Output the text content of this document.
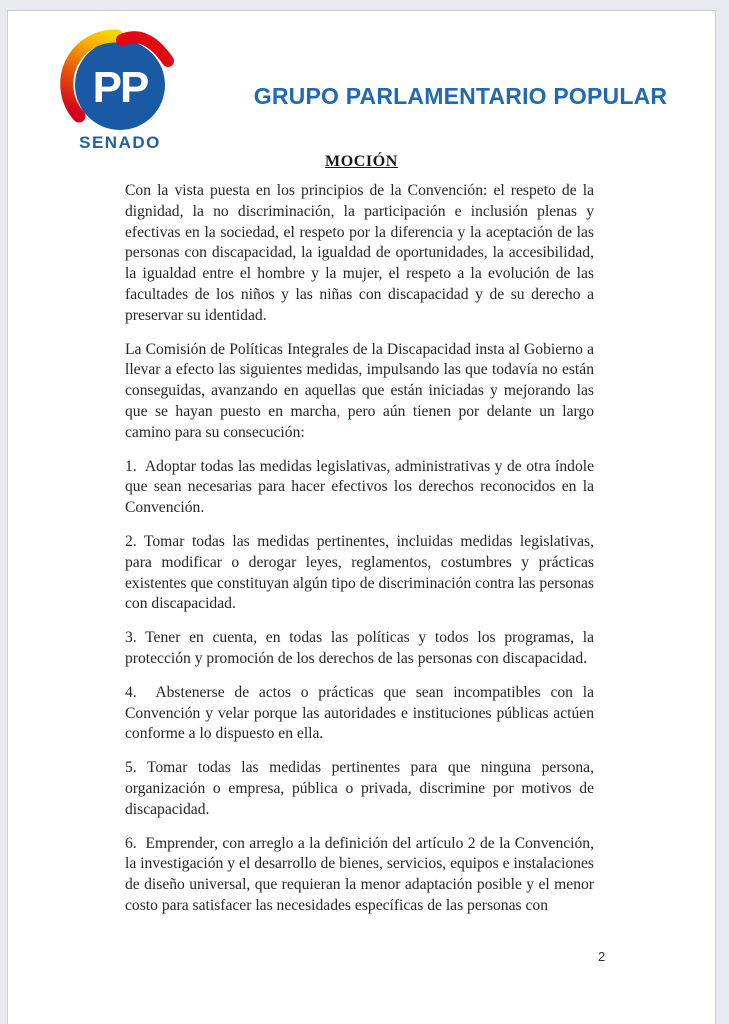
PP
SENADO
GRUPO PARLAMENTARIO POPULAR
MOCIÓN

Con la vista puesta en los principios de la Convención: el respeto de la dignidad, la no discriminación, la participación e inclusión plenas y efectivas en la sociedad, el respeto por la diferencia y la aceptación de las personas con discapacidad, la igualdad de oportunidades, la accesibilidad, la igualdad entre el hombre y la mujer, el respeto a la evolución de las facultades de los niños y las niñas con discapacidad y de su derecho a preservar su identidad.

La Comisión de Políticas Integrales de la Discapacidad insta al Gobierno a llevar a efecto las siguientes medidas, impulsando las que todavía no están conseguidas, avanzando en aquellas que están iniciadas y mejorando las que se hayan puesto en marcha, pero aún tienen por delante un largo camino para su consecución:

1.  Adoptar todas las medidas legislativas, administrativas y de otra índole que sean necesarias para hacer efectivos los derechos reconocidos en la Convención.

2. Tomar todas las medidas pertinentes, incluidas medidas legislativas, para modificar o derogar leyes, reglamentos, costumbres y prácticas existentes que constituyan algún tipo de discriminación contra las personas con discapacidad.

3. Tener en cuenta, en todas las políticas y todos los programas, la protección y promoción de los derechos de las personas con discapacidad.

4.  Abstenerse de actos o prácticas que sean incompatibles con la Convención y velar porque las autoridades e instituciones públicas actúen conforme a lo dispuesto en ella.

5. Tomar todas las medidas pertinentes para que ninguna persona, organización o empresa, pública o privada, discrimine por motivos de discapacidad.

6.  Emprender, con arreglo a la definición del artículo 2 de la Convención, la investigación y el desarrollo de bienes, servicios, equipos e instalaciones de diseño universal, que requieran la menor adaptación posible y el menor costo para satisfacer las necesidades específicas de las personas con

2
